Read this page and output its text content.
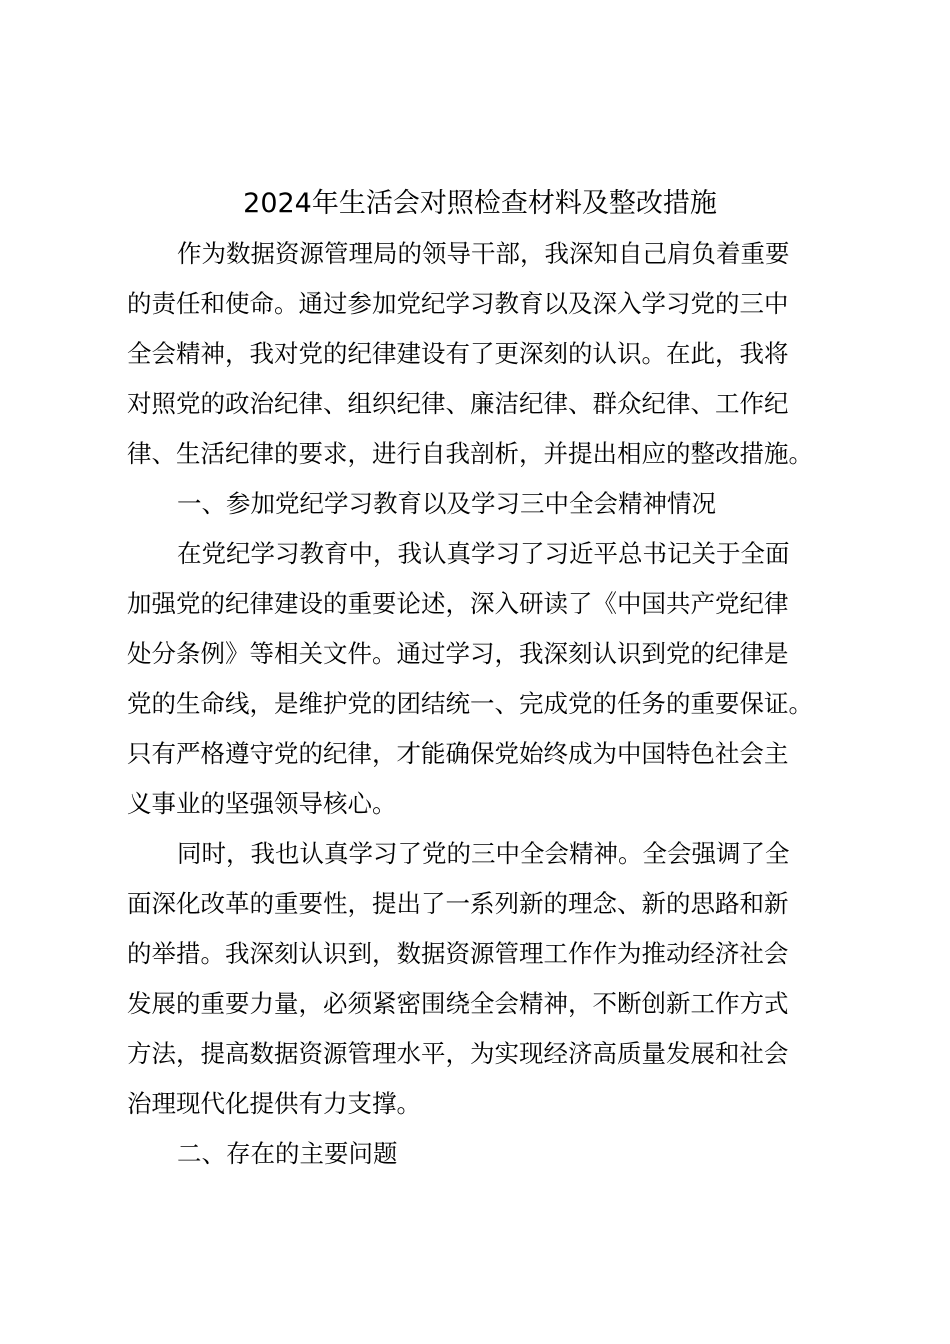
2024年生活会对照检查材料及整改措施
作为数据资源管理局的领导干部，我深知自己肩负着重要
的责任和使命。通过参加党纪学习教育以及深入学习党的三中
全会精神，我对党的纪律建设有了更深刻的认识。在此，我将
对照党的政治纪律、组织纪律、廉洁纪律、群众纪律、工作纪
律、生活纪律的要求，进行自我剖析，并提出相应的整改措施。
一、参加党纪学习教育以及学习三中全会精神情况
在党纪学习教育中，我认真学习了习近平总书记关于全面
加强党的纪律建设的重要论述，深入研读了《中国共产党纪律
处分条例》等相关文件。通过学习，我深刻认识到党的纪律是
党的生命线，是维护党的团结统一、完成党的任务的重要保证。
只有严格遵守党的纪律，才能确保党始终成为中国特色社会主
义事业的坚强领导核心。
同时，我也认真学习了党的三中全会精神。全会强调了全
面深化改革的重要性，提出了一系列新的理念、新的思路和新
的举措。我深刻认识到，数据资源管理工作作为推动经济社会
发展的重要力量，必须紧密围绕全会精神，不断创新工作方式
方法，提高数据资源管理水平，为实现经济高质量发展和社会
治理现代化提供有力支撑。
二、存在的主要问题
